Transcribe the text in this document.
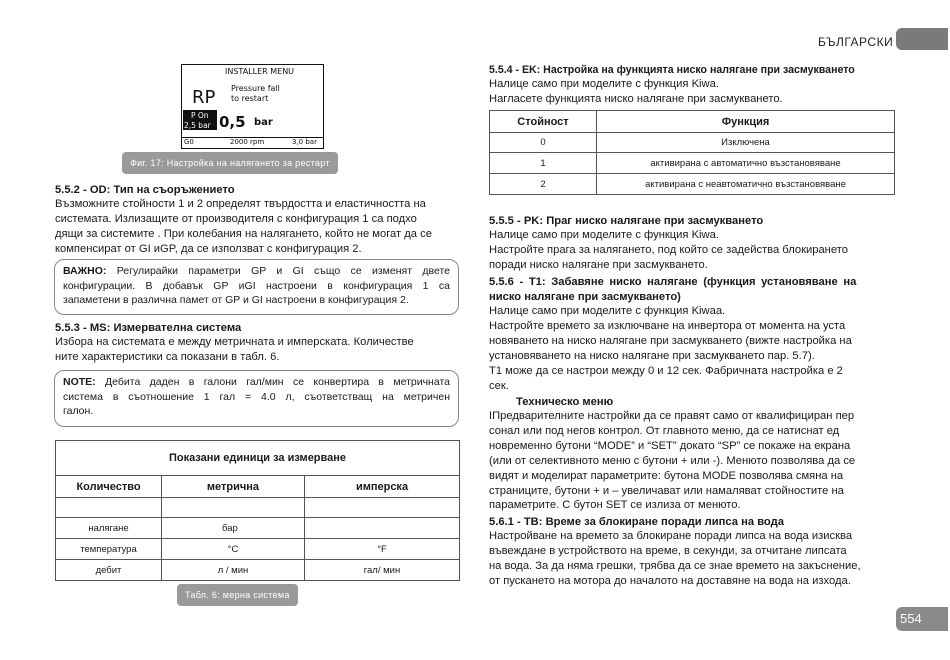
БЪЛГАРСКИ
INSTALLER MENU
RP Pressure fall
to restart
P On
2,5 bar 0,5 bar
G0	2000 rpm	3,0 bar
Фиг. 17: Настройка на налягането за рестарт
5.5.2 - OD: Тип на съоръжението
Възможните стойности 1 и 2 определят твърдостта и еластичността на
системата. Излизащите от производителя с конфигурация 1 са подхо
дящи за системите . При колебания на налягането, който не могат да се
компенсират от GI иGP, да се използват с конфигурация 2.

ВАЖНО: Регулирайки параметри GP и GI също се изменят двете

конфигурации. В добавък GP иGI настроени в конфигурация 1 са

запаметени в различна памет от GP и GI настроени в конфигурация 2.

5.5.3 - MS: Измервателна система
Избора на системата е между метричната и имперската. Количестве
ните характеристики са показани в табл. 6.

NOTE: Дебита даден в галони гал/мин се конвертира в метричната

система в съотношение 1 гал = 4.0 л, съответстващ на метричен

галон.

Показани единици за измерване		
Количество	метрична	имперска

налягане	бар	
температура	°C	°F
дебит	л / мин	гал/ мин
Табл. 6: мерна система
5.5.4 - EK: Настройка на функцията ниско налягане при засмукването
Налице само при моделите с функция Kiwa.
Нагласете функцията ниско налягане при засмукването.
Стойност	Функция
0	Изключена
1	активирана с автоматично възстановяване
2	активирана с неавтоматично възстановяване
5.5.5 - PK: Праг ниско налягане при засмукването
Налице само при моделите с функция Kiwa.
Настройте прага за налягането, под който се задейства блокирането
поради ниско налягане при засмукването.
5.5.6 - T1: Забавяне ниско налягане (функция установяване на
ниско налягане при засмукването)
Налице само при моделите с функция Kiwaa.
Настройте времето за изключване на инвертора от момента на уста
новяването на ниско налягане при засмукването (вижте настройка на
установяването на ниско налягане при засмукването пар. 5.7).
T1 може да се настрои между 0 и 12 сек. Фабричната настройка е 2
сек.
Техническо меню
IПредварителните настройки да се правят само от квалифициран пер
сонал или под негов контрол. От главното меню, да се натиснат ед
новременно бутони “MODE” и “SET” докато “SP” се покаже на екрана
(или от селективното меню с бутони + или -). Менюто позволява да се
видят и моделират параметрите: бутона MODE позволява смяна на
страниците, бутони + и – увеличават или намаляват стойностите на
параметрите. С бутон SET се излиза от менюто.
5.6.1 - TB: Време за блокиране поради липса на вода
Настройване на времето за блокиране поради липса на вода изисква
въвеждане в устройството на време, в секунди, за отчитане липсата
на вода. За да няма грешки, трябва да се знае времето на закъснение,
от пускането на мотора до началото на доставяне на вода на изхода.
554
